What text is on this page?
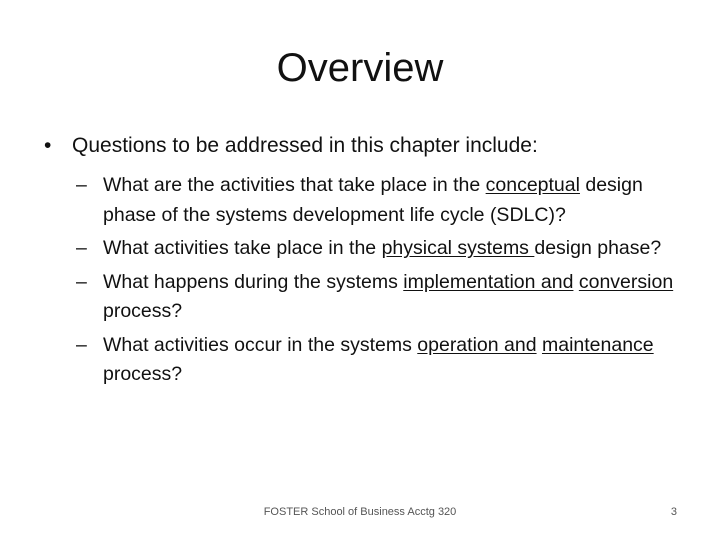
Overview
• Questions to be addressed in this chapter include:
– What are the activities that take place in the conceptual design phase of the systems development life cycle (SDLC)?
– What activities take place in the physical systems design phase?
– What happens during the systems implementation and conversion process?
– What activities occur in the systems operation and maintenance process?
FOSTER School of Business Acctg 320	3
